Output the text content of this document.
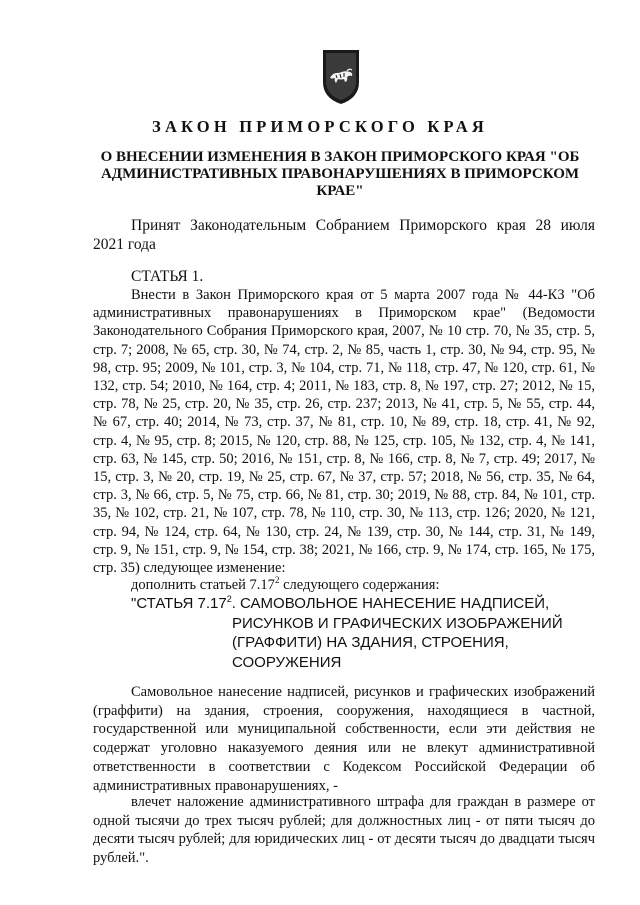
ЗАКОН ПРИМОРСКОГО КРАЯ
О ВНЕСЕНИИ ИЗМЕНЕНИЯ В ЗАКОН ПРИМОРСКОГО КРАЯ "ОБ АДМИНИСТРАТИВНЫХ ПРАВОНАРУШЕНИЯХ В ПРИМОРСКОМ КРАЕ"
Принят Законодательным Собранием Приморского края 28 июля 2021 года
СТАТЬЯ 1.
Внести в Закон Приморского края от 5 марта 2007 года № 44-КЗ "Об административных правонарушениях в Приморском крае" (Ведомости Законодательного Собрания Приморского края, 2007, № 10 стр. 70, № 35, стр. 5, стр. 7; 2008, № 65, стр. 30, № 74, стр. 2, № 85, часть 1, стр. 30, № 94, стр. 95, № 98, стр. 95; 2009, № 101, стр. 3, № 104, стр. 71, № 118, стр. 47, № 120, стр. 61, № 132, стр. 54; 2010, № 164, стр. 4; 2011, № 183, стр. 8, № 197, стр. 27; 2012, № 15, стр. 78, № 25, стр. 20, № 35, стр. 26, стр. 237; 2013, № 41, стр. 5, № 55, стр. 44, № 67, стр. 40; 2014, № 73, стр. 37, № 81, стр. 10, № 89, стр. 18, стр. 41, № 92, стр. 4, № 95, стр. 8; 2015, № 120, стр. 88, № 125, стр. 105, № 132, стр. 4, № 141, стр. 63, № 145, стр. 50; 2016, № 151, стр. 8, № 166, стр. 8, № 7, стр. 49; 2017, № 15, стр. 3, № 20, стр. 19, № 25, стр. 67, № 37, стр. 57; 2018, № 56, стр. 35, № 64, стр. 3, № 66, стр. 5, № 75, стр. 66, № 81, стр. 30; 2019, № 88, стр. 84, № 101, стр. 35, № 102, стр. 21, № 107, стр. 78, № 110, стр. 30, № 113, стр. 126; 2020, № 121, стр. 94, № 124, стр. 64, № 130, стр. 24, № 139, стр. 30, № 144, стр. 31, № 149, стр. 9, № 151, стр. 9, № 154, стр. 38; 2021, № 166, стр. 9, № 174, стр. 165, № 175, стр. 35) следующее изменение:
дополнить статьей 7.17$^2$ следующего содержания:
"СТАТЬЯ 7.17$^2$. САМОВОЛЬНОЕ НАНЕСЕНИЕ НАДПИСЕЙ,
РИСУНКОВ И ГРАФИЧЕСКИХ ИЗОБРАЖЕНИЙ (ГРАФФИТИ) НА ЗДАНИЯ, СТРОЕНИЯ, СООРУЖЕНИЯ
Самовольное нанесение надписей, рисунков и графических изображений (граффити) на здания, строения, сооружения, находящиеся в частной, государственной или муниципальной собственности, если эти действия не содержат уголовно наказуемого деяния или не влекут административной ответственности в соответствии с Кодексом Российской Федерации об административных правонарушениях, -
влечет наложение административного штрафа для граждан в размере от одной тысячи до трех тысяч рублей; для должностных лиц - от пяти тысяч до десяти тысяч рублей; для юридических лиц - от десяти тысяч до двадцати тысяч рублей.".
